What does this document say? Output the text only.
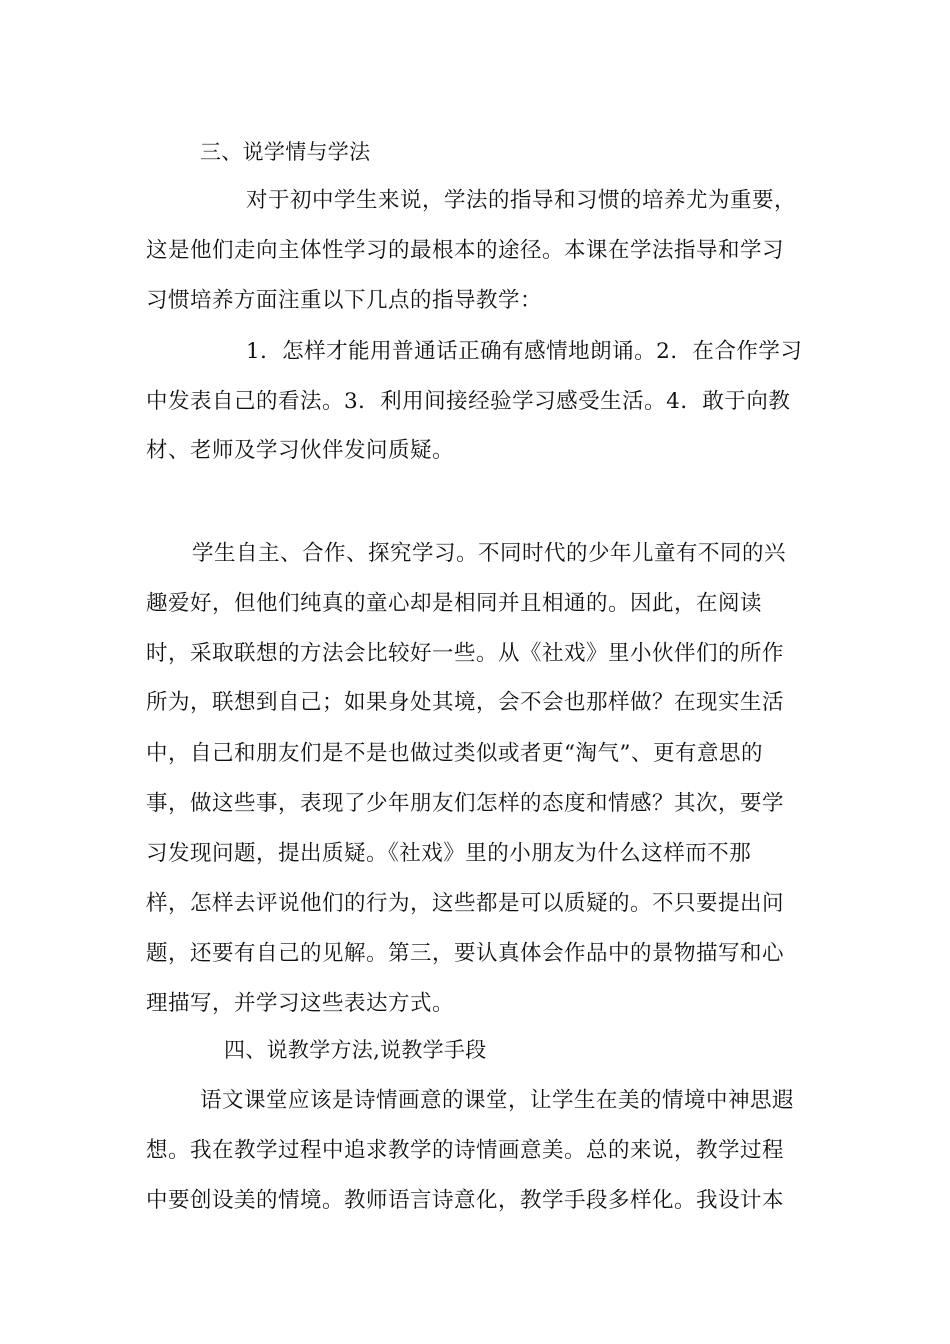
三、说学情与学法
对于初中学生来说，学法的指导和习惯的培养尤为重要，
这是他们走向主体性学习的最根本的途径。本课在学法指导和学习
习惯培养方面注重以下几点的指导教学：
1．怎样才能用普通话正确有感情地朗诵。2．在合作学习
中发表自己的看法。3．利用间接经验学习感受生活。4．敢于向教
材、老师及学习伙伴发问质疑。
学生自主、合作、探究学习。不同时代的少年儿童有不同的兴
趣爱好，但他们纯真的童心却是相同并且相通的。因此，在阅读
时，采取联想的方法会比较好一些。从《社戏》里小伙伴们的所作
所为，联想到自己；如果身处其境，会不会也那样做？在现实生活
中，自己和朋友们是不是也做过类似或者更“淘气”、更有意思的
事，做这些事，表现了少年朋友们怎样的态度和情感？其次，要学
习发现问题，提出质疑。《社戏》里的小朋友为什么这样而不那
样，怎样去评说他们的行为，这些都是可以质疑的。不只要提出问
题，还要有自己的见解。第三，要认真体会作品中的景物描写和心
理描写，并学习这些表达方式。
四、说教学方法,说教学手段
语文课堂应该是诗情画意的课堂，让学生在美的情境中神思遐
想。我在教学过程中追求教学的诗情画意美。总的来说，教学过程
中要创设美的情境。教师语言诗意化，教学手段多样化。我设计本
